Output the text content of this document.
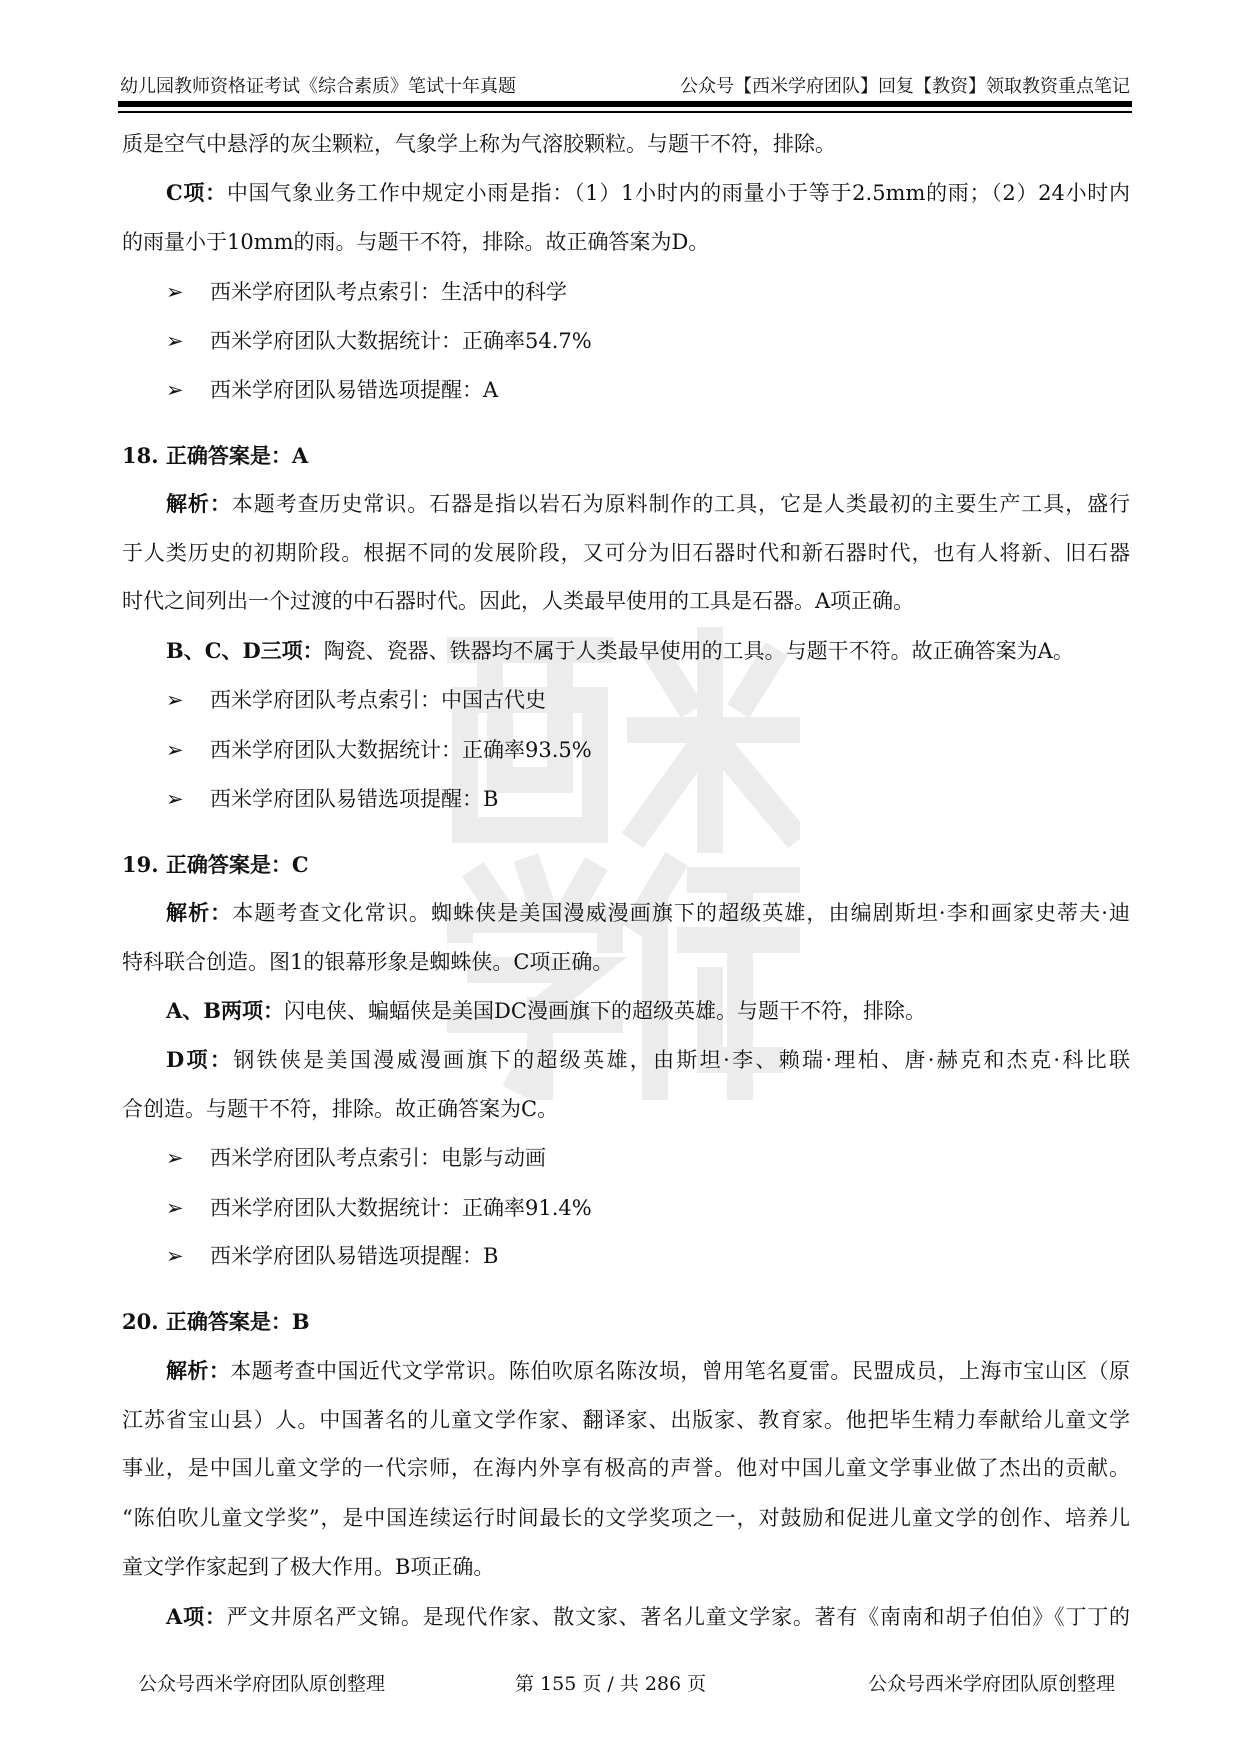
幼儿园教师资格证考试《综合素质》笔试十年真题	公众号【西米学府团队】回复【教资】领取教资重点笔记
质是空气中悬浮的灰尘颗粒，气象学上称为气溶胶颗粒。与题干不符，排除。
C项：中国气象业务工作中规定小雨是指：（1）1小时内的雨量小于等于2.5mm的雨；（2）24小时内
的雨量小于10mm的雨。与题干不符，排除。故正确答案为D。
➢ 西米学府团队考点索引：生活中的科学
➢ 西米学府团队大数据统计：正确率54.7%
➢ 西米学府团队易错选项提醒：A
18. 正确答案是：A
解析：本题考查历史常识。石器是指以岩石为原料制作的工具，它是人类最初的主要生产工具，盛行
于人类历史的初期阶段。根据不同的发展阶段，又可分为旧石器时代和新石器时代，也有人将新、旧石器
时代之间列出一个过渡的中石器时代。因此，人类最早使用的工具是石器。A项正确。
B、C、D三项：陶瓷、瓷器、铁器均不属于人类最早使用的工具。与题干不符。故正确答案为A。
➢ 西米学府团队考点索引：中国古代史
➢ 西米学府团队大数据统计：正确率93.5%
➢ 西米学府团队易错选项提醒：B
19. 正确答案是：C
解析：本题考查文化常识。蜘蛛侠是美国漫威漫画旗下的超级英雄，由编剧斯坦·李和画家史蒂夫·迪
特科联合创造。图1的银幕形象是蜘蛛侠。C项正确。
A、B两项：闪电侠、蝙蝠侠是美国DC漫画旗下的超级英雄。与题干不符，排除。
D项：钢铁侠是美国漫威漫画旗下的超级英雄，由斯坦·李、赖瑞·理柏、唐·赫克和杰克·科比联
合创造。与题干不符，排除。故正确答案为C。
➢ 西米学府团队考点索引：电影与动画
➢ 西米学府团队大数据统计：正确率91.4%
➢ 西米学府团队易错选项提醒：B
20. 正确答案是：B
解析：本题考查中国近代文学常识。陈伯吹原名陈汝埙，曾用笔名夏雷。民盟成员，上海市宝山区（原
江苏省宝山县）人。中国著名的儿童文学作家、翻译家、出版家、教育家。他把毕生精力奉献给儿童文学
事业，是中国儿童文学的一代宗师，在海内外享有极高的声誉。他对中国儿童文学事业做了杰出的贡献。
“陈伯吹儿童文学奖”，是中国连续运行时间最长的文学奖项之一，对鼓励和促进儿童文学的创作、培养儿
童文学作家起到了极大作用。B项正确。
A项：严文井原名严文锦。是现代作家、散文家、著名儿童文学家。著有《南南和胡子伯伯》《丁丁的
公众号西米学府团队原创整理	第 155 页 / 共 286 页	公众号西米学府团队原创整理
